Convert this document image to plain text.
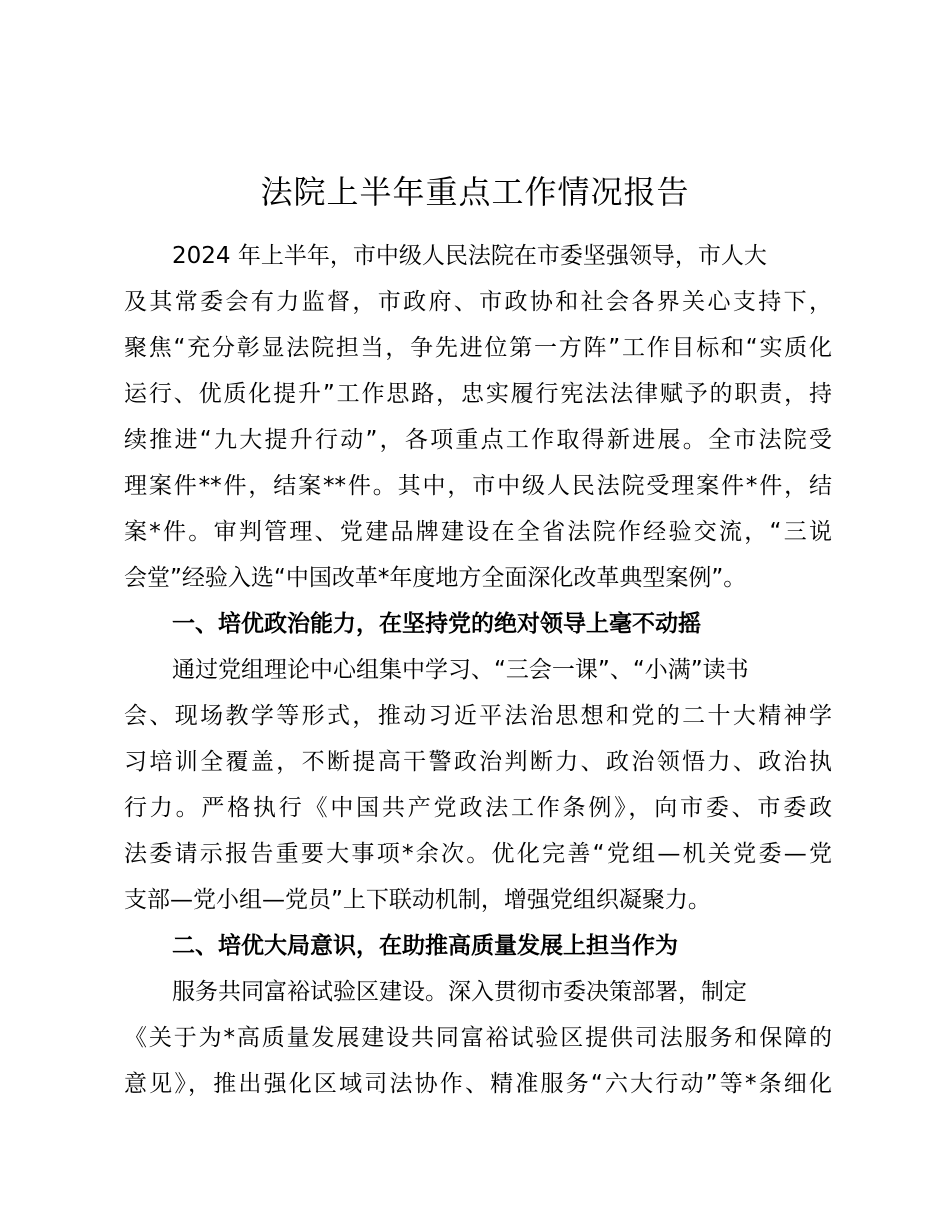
法院上半年重点工作情况报告
2024 年上半年，市中级人民法院在市委坚强领导，市人大
及其常委会有力监督，市政府、市政协和社会各界关心支持下，
聚焦“充分彰显法院担当，争先进位第一方阵”工作目标和“实质化
运行、优质化提升”工作思路，忠实履行宪法法律赋予的职责，持
续推进“九大提升行动”，各项重点工作取得新进展。全市法院受
理案件**件，结案**件。其中，市中级人民法院受理案件*件，结
案*件。审判管理、党建品牌建设在全省法院作经验交流，“三说
会堂”经验入选“中国改革*年度地方全面深化改革典型案例”。
一、培优政治能力，在坚持党的绝对领导上毫不动摇
通过党组理论中心组集中学习、“三会一课”、“小满”读书
会、现场教学等形式，推动习近平法治思想和党的二十大精神学
习培训全覆盖，不断提高干警政治判断力、政治领悟力、政治执
行力。严格执行《中国共产党政法工作条例》，向市委、市委政
法委请示报告重要大事项*余次。优化完善“党组—机关党委—党
支部—党小组—党员”上下联动机制，增强党组织凝聚力。
二、培优大局意识，在助推高质量发展上担当作为
服务共同富裕试验区建设。深入贯彻市委决策部署，制定
《关于为*高质量发展建设共同富裕试验区提供司法服务和保障的
意见》，推出强化区域司法协作、精准服务“六大行动”等*条细化
